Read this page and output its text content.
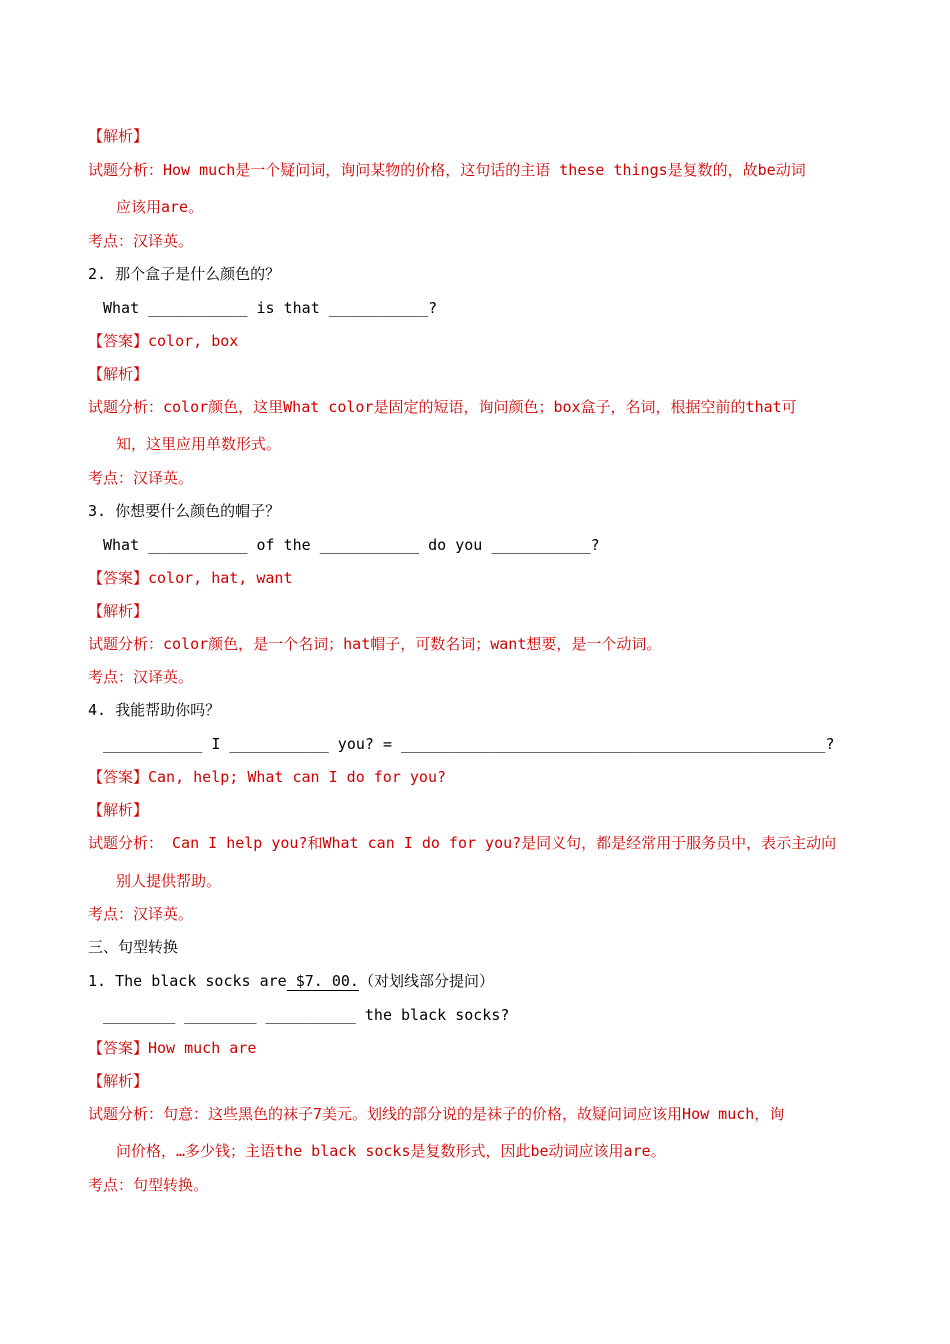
【解析】
试题分析：How much是一个疑问词，询问某物的价格，这句话的主语 these things是复数的，故be动词
应该用are。
考点：汉译英。
2. 那个盒子是什么颜色的？
What ___________ is that ___________?
【答案】color, box
【解析】
试题分析：color颜色，这里What color是固定的短语，询问颜色；box盒子，名词，根据空前的that可
知，这里应用单数形式。
考点：汉译英。
3. 你想要什么颜色的帽子？
What ___________ of the ___________ do you ___________?
【答案】color, hat, want
【解析】
试题分析：color颜色，是一个名词；hat帽子，可数名词；want想要，是一个动词。
考点：汉译英。
4. 我能帮助你吗？
___________ I ___________ you? = _______________________________________________?
【答案】Can, help; What can I do for you?
【解析】
试题分析： Can I help you?和What can I do for you?是同义句，都是经常用于服务员中，表示主动向
别人提供帮助。
考点：汉译英。
三、句型转换
1. The black socks are $7. 00.（对划线部分提问）
________ ________ __________ the black socks?
【答案】How much are
【解析】
试题分析：句意：这些黑色的袜子7美元。划线的部分说的是袜子的价格，故疑问词应该用How much，询
问价格，…多少钱；主语the black socks是复数形式，因此be动词应该用are。
考点：句型转换。
